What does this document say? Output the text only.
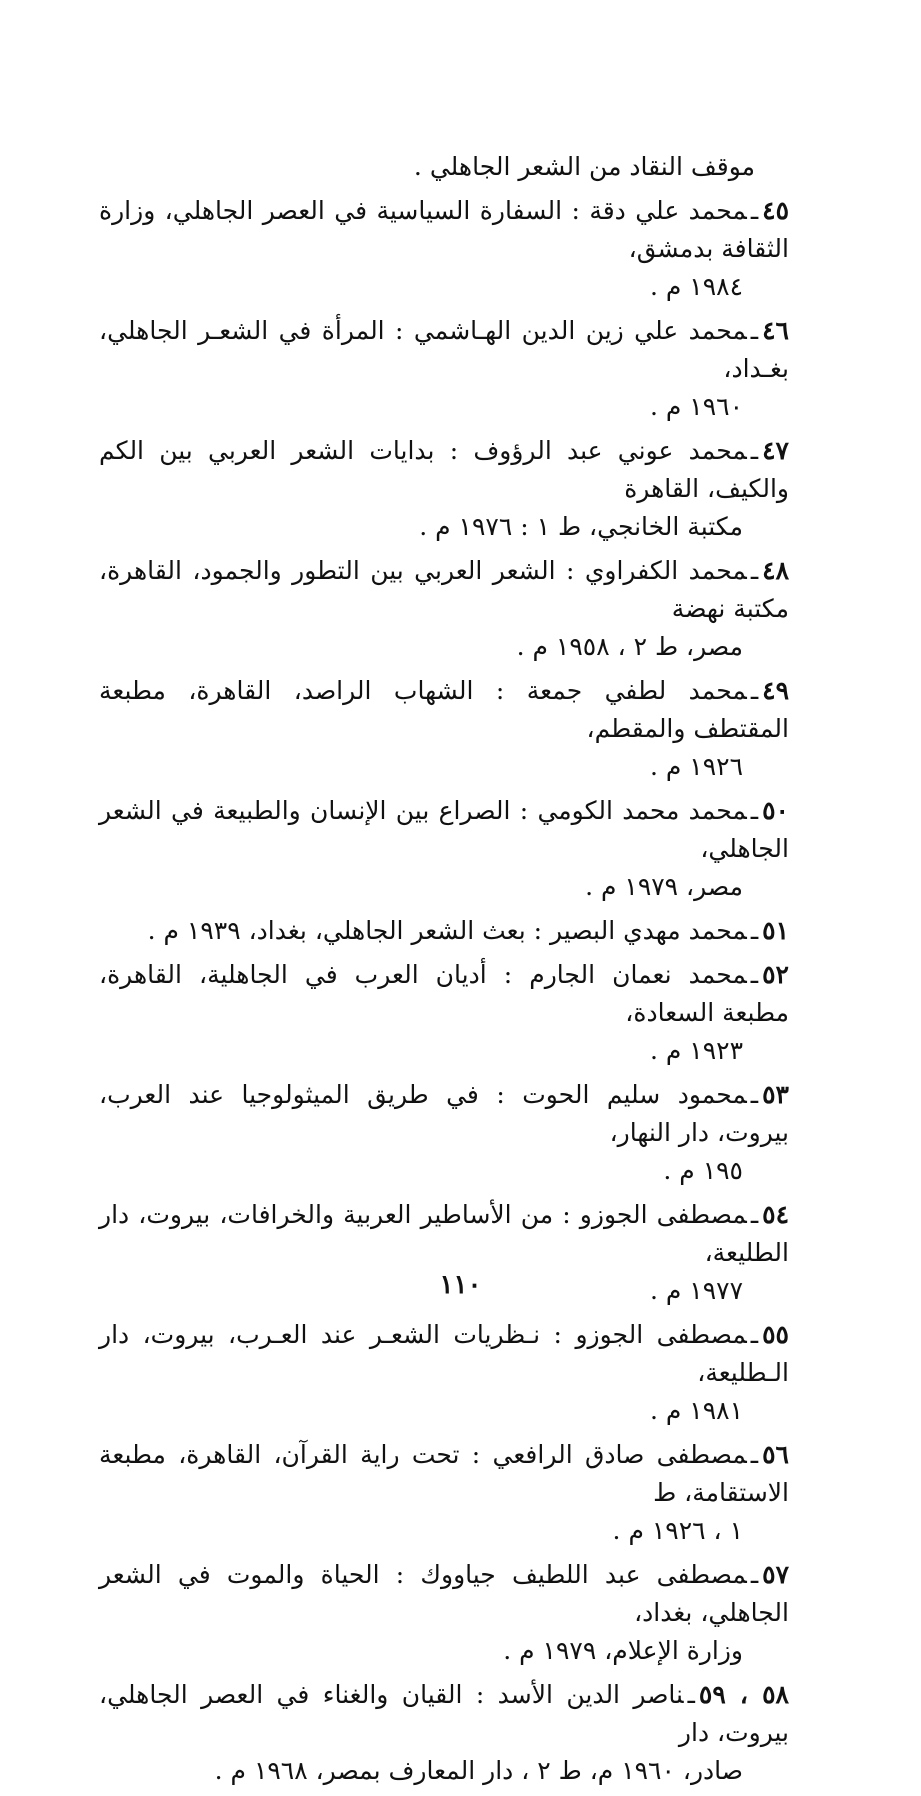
موقف النقاد من الشعر الجاهلي .
٤٥ـمحمد علي دقة : السفارة السياسية في العصر الجاهلي، وزارة الثقافة بدمشق،
١٩٨٤ م .
٤٦ـمحمد علي زين الدين الهـاشمي : المرأة في الشعـر الجاهلي، بغـداد،
١٩٦٠ م .
٤٧ـمحمد عوني عبد الرؤوف : بدايات الشعر العربي بين الكم والكيف، القاهرة
مكتبة الخانجي، ط ١ : ١٩٧٦ م .
٤٨ـمحمد الكفراوي : الشعر العربي بين التطور والجمود، القاهرة، مكتبة نهضة
مصر، ط ٢ ، ١٩٥٨ م .
٤٩ـمحمد لطفي جمعة : الشهاب الراصد، القاهرة، مطبعة المقتطف والمقطم،
١٩٢٦ م .
٥٠ـمحمد محمد الكومي : الصراع بين الإنسان والطبيعة في الشعر الجاهلي،
مصر، ١٩٧٩ م .
٥١ـمحمد مهدي البصير : بعث الشعر الجاهلي، بغداد، ١٩٣٩ م .
٥٢ـمحمد نعمان الجارم : أديان العرب في الجاهلية، القاهرة، مطبعة السعادة،
١٩٢٣ م .
٥٣ـمحمود سليم الحوت : في طريق الميثولوجيا عند العرب، بيروت، دار النهار،
١٩٥ م .
٥٤ـمصطفى الجوزو : من الأساطير العربية والخرافات، بيروت، دار الطليعة،
١٩٧٧ م .
٥٥ـمصطفى الجوزو : نـظريات الشعـر عند العـرب، بيروت، دار الـطليعة،
١٩٨١ م .
٥٦ـمصطفى صادق الرافعي : تحت راية القرآن، القاهرة، مطبعة الاستقامة، ط
١ ، ١٩٢٦ م .
٥٧ـمصطفى عبد اللطيف جياووك : الحياة والموت في الشعر الجاهلي، بغداد،
وزارة الإعلام، ١٩٧٩ م .
٥٨ ، ٥٩ـناصر الدين الأسد : القيان والغناء في العصر الجاهلي، بيروت، دار
صادر، ١٩٦٠ م، ط ٢ ، دار المعارف بمصر، ١٩٦٨ م .
١١٠
